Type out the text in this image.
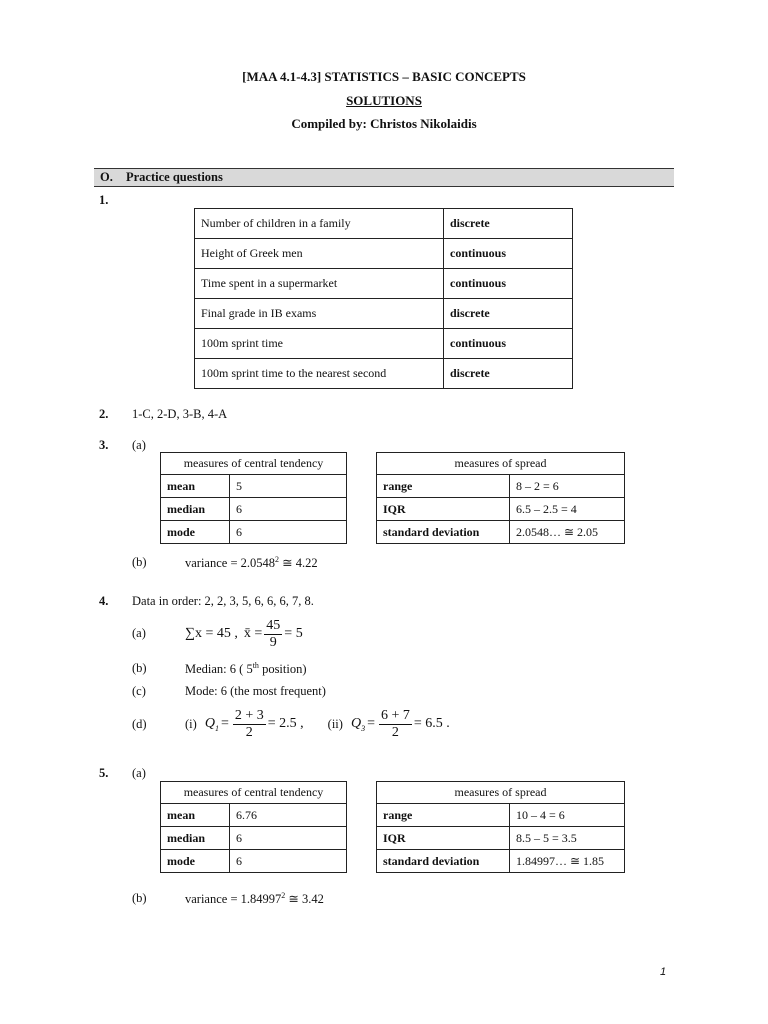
[MAA 4.1-4.3] STATISTICS – BASIC CONCEPTS
SOLUTIONS
Compiled by: Christos Nikolaidis
O. Practice questions
1.
Number of children in a family	discrete
Height of Greek men	continuous
Time spent in a supermarket	continuous
Final grade in IB exams	discrete
100m sprint time	continuous
100m sprint time to the nearest second	discrete
2. 1-C, 2-D, 3-B, 4-A
3. (a)
measures of central tendency	
mean	5
median	6
mode	6
measures of spread	
range	8 – 2 = 6
IQR	6.5 – 2.5 = 4
standard deviation	2.0548… ≅ 2.05
(b)	variance = $2.0548^2$ ≅ 4.22
4. Data in order: 2, 2, 3, 5, 6, 6, 6, 7, 8.
(a)	∑x = 45 , x̄ = $\frac{45}{9} = 5$
(b)	Median: 6 ( 5th position)
(c)	Mode: 6 (the most frequent)
(d)	(i) $Q_1 = \frac{2 + 3}{2} = 2.5$ , (ii) $Q_3 = \frac{6 + 7}{2} = 6.5$ .
5. (a)
measures of central tendency	
mean	6.76
median	6
mode	6
measures of spread	
range	10 – 4 = 6
IQR	8.5 – 5 = 3.5
standard deviation	1.84997… ≅ 1.85
(b)	variance = $1.84997^2$ ≅ 3.42
1
